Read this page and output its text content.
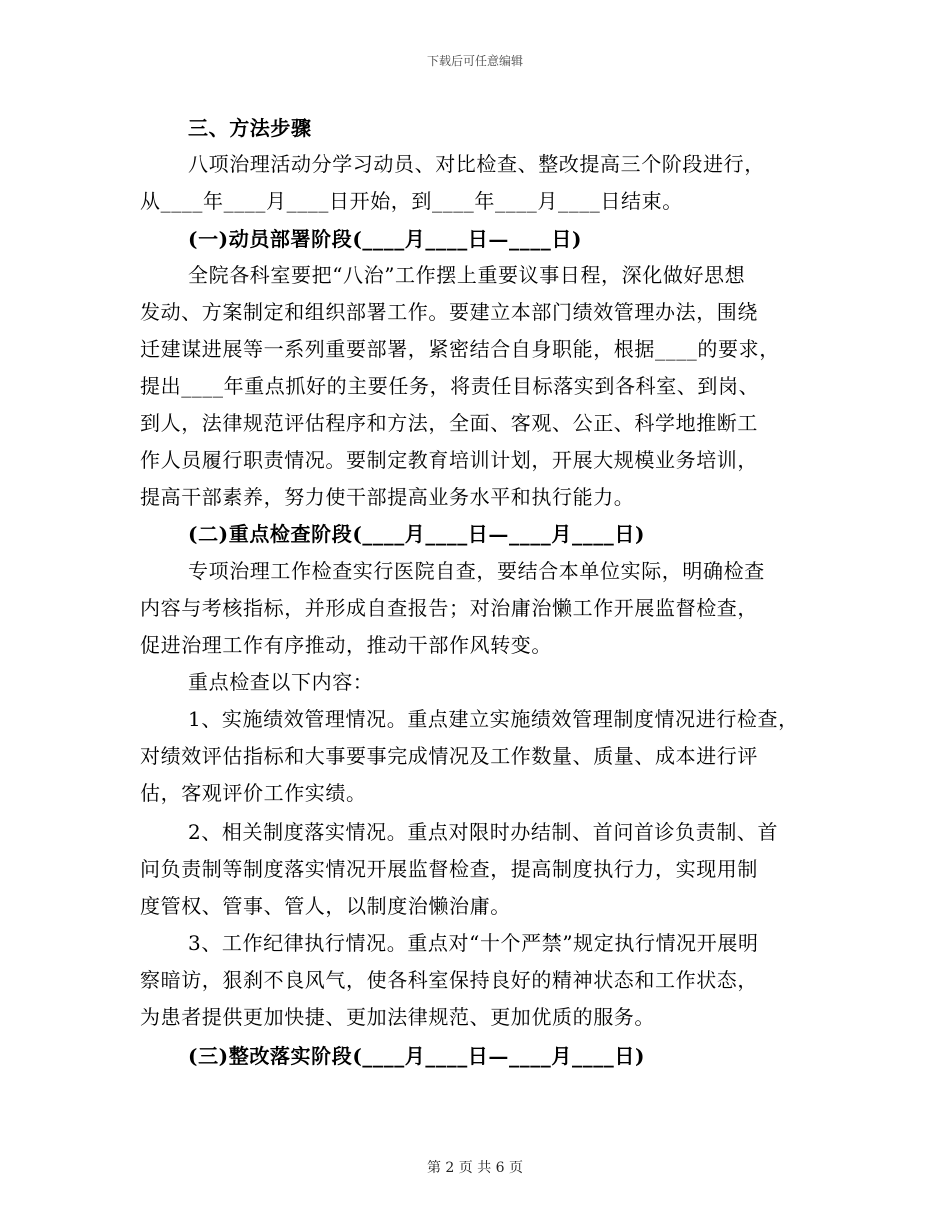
下载后可任意编辑
三、方法步骤
八项治理活动分学习动员、对比检查、整改提高三个阶段进行，
从____年____月____日开始，到____年____月____日结束。
(一)动员部署阶段(____月____日—____日)
全院各科室要把“八治”工作摆上重要议事日程，深化做好思想
发动、方案制定和组织部署工作。要建立本部门绩效管理办法，围绕
迁建谋进展等一系列重要部署，紧密结合自身职能，根据____的要求，
提出____年重点抓好的主要任务，将责任目标落实到各科室、到岗、
到人，法律规范评估程序和方法，全面、客观、公正、科学地推断工
作人员履行职责情况。要制定教育培训计划，开展大规模业务培训，
提高干部素养，努力使干部提高业务水平和执行能力。
(二)重点检查阶段(____月____日—____月____日)
专项治理工作检查实行医院自查，要结合本单位实际，明确检查
内容与考核指标，并形成自查报告；对治庸治懒工作开展监督检查，
促进治理工作有序推动，推动干部作风转变。
重点检查以下内容：
1、实施绩效管理情况。重点建立实施绩效管理制度情况进行检查，
对绩效评估指标和大事要事完成情况及工作数量、质量、成本进行评
估，客观评价工作实绩。
2、相关制度落实情况。重点对限时办结制、首问首诊负责制、首
问负责制等制度落实情况开展监督检查，提高制度执行力，实现用制
度管权、管事、管人，以制度治懒治庸。
3、工作纪律执行情况。重点对“十个严禁”规定执行情况开展明
察暗访，狠刹不良风气，使各科室保持良好的精神状态和工作状态，
为患者提供更加快捷、更加法律规范、更加优质的服务。
(三)整改落实阶段(____月____日—____月____日)
第 2 页 共 6 页
